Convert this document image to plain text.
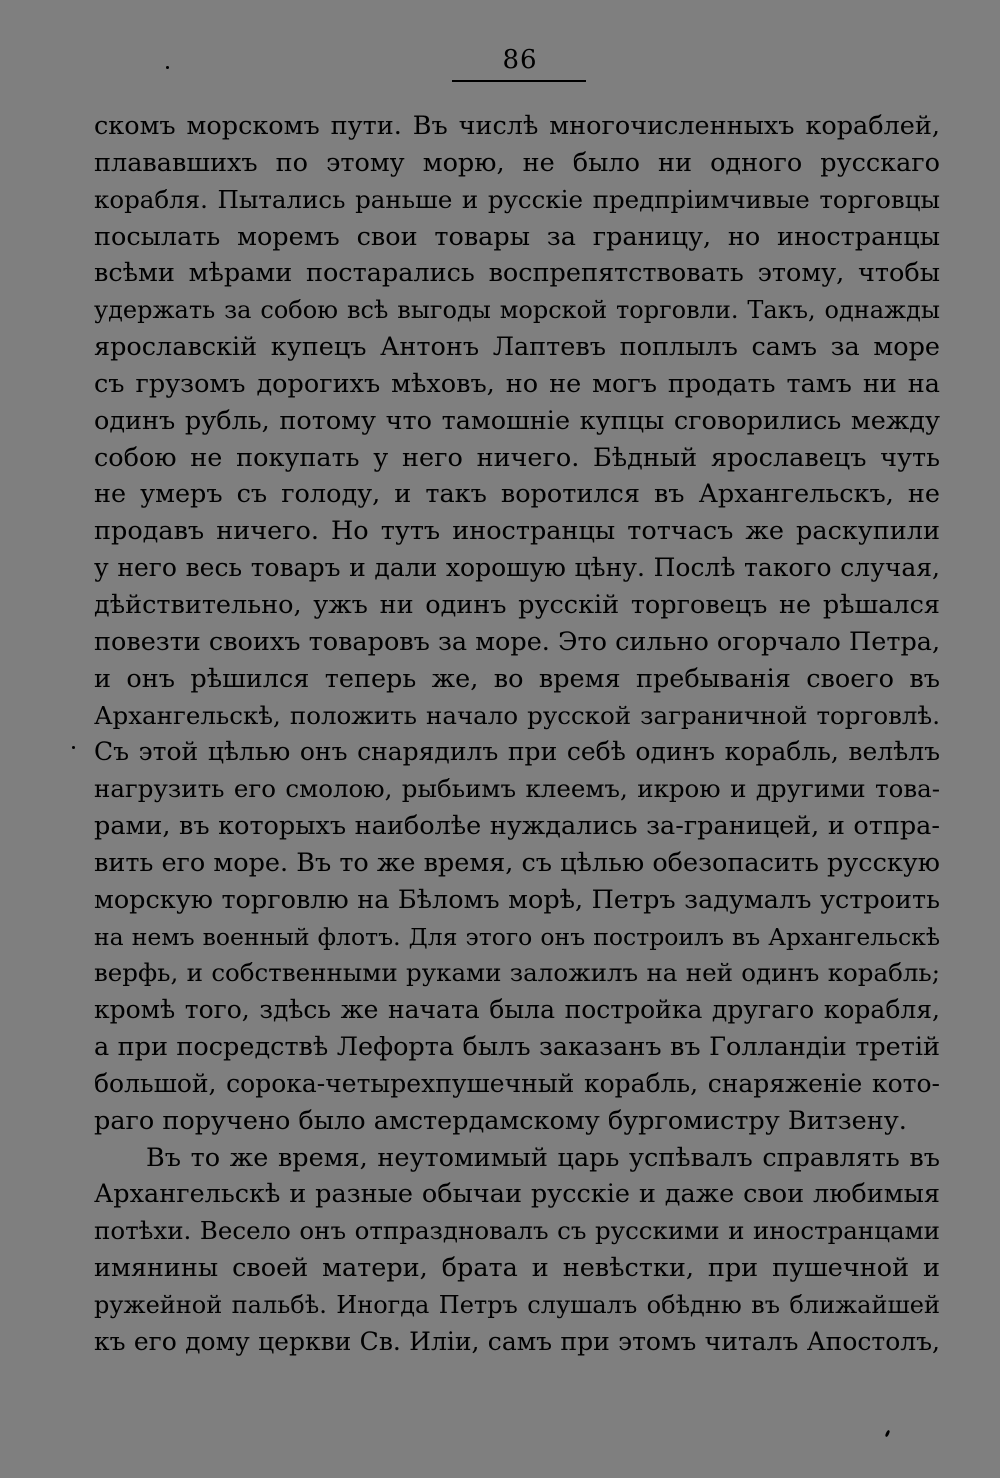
86
скомъ морскомъ пути. Въ числѣ многочисленныхъ кораблей,
плававшихъ по этому морю, не было ни одного русскаго
корабля. Пытались раньше и русскіе предпріимчивые торговцы
посылать моремъ свои товары за границу, но иностранцы
всѣми мѣрами постарались воспрепятствовать этому, чтобы
удержать за собою всѣ выгоды морской торговли. Такъ, однажды
ярославскій купецъ Антонъ Лаптевъ поплылъ самъ за море
съ грузомъ дорогихъ мѣховъ, но не могъ продать тамъ ни на
одинъ рубль, потому что тамошніе купцы сговорились между
собою не покупать у него ничего. Бѣдный ярославецъ чуть
не умеръ съ голоду, и такъ воротился въ Архангельскъ, не
продавъ ничего. Но тутъ иностранцы тотчасъ же раскупили
у него весь товаръ и дали хорошую цѣну. Послѣ такого случая,
дѣйствительно, ужъ ни одинъ русскій торговецъ не рѣшался
повезти своихъ товаровъ за море. Это сильно огорчало Петра,
и онъ рѣшился теперь же, во время пребыванія своего въ
Архангельскѣ, положить начало русской заграничной торговлѣ.
Съ этой цѣлью онъ снарядилъ при себѣ одинъ корабль, велѣлъ
нагрузить его смолою, рыбьимъ клеемъ, икрою и другими това-
рами, въ которыхъ наиболѣе нуждались за-границей, и отпра-
вить его море. Въ то же время, съ цѣлью обезопасить русскую
морскую торговлю на Бѣломъ морѣ, Петръ задумалъ устроить
на немъ военный флотъ. Для этого онъ построилъ въ Архангельскѣ
верфь, и собственными руками заложилъ на ней одинъ корабль;
кромѣ того, здѣсь же начата была постройка другаго корабля,
а при посредствѣ Лефорта былъ заказанъ въ Голландіи третій
большой, сорока-четырехпушечный корабль, снаряженіе кото-
раго поручено было амстердамскому бургомистру Витзену.
Въ то же время, неутомимый царь успѣвалъ справлять въ
Архангельскѣ и разные обычаи русскіе и даже свои любимыя
потѣхи. Весело онъ отпраздновалъ съ русскими и иностранцами
имянины своей матери, брата и невѣстки, при пушечной и
ружейной пальбѣ. Иногда Петръ слушалъ обѣдню въ ближайшей
къ его дому церкви Св. Иліи, самъ при этомъ читалъ Апостолъ,
